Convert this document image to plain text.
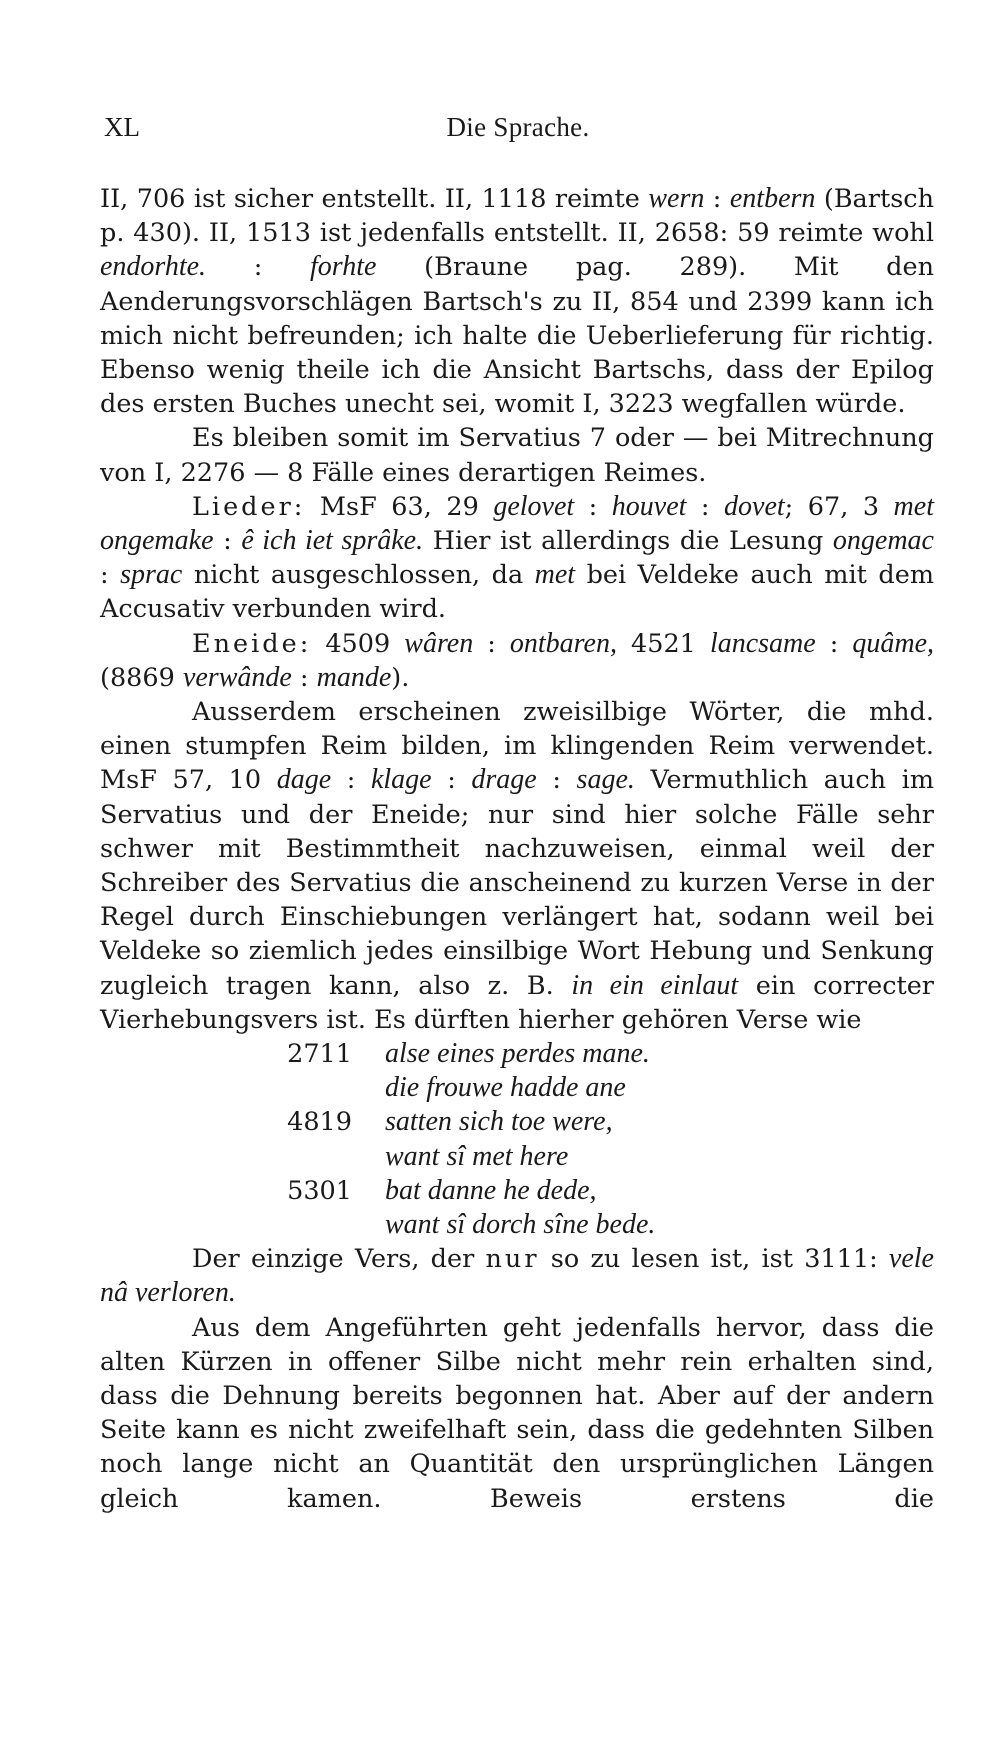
XL	Die Sprache.

II, 706 ist sicher entstellt. II, 1118 reimte wern : entbern (Bartsch p. 430). II, 1513 ist jedenfalls entstellt. II, 2658: 59 reimte wohl endorhte. : forhte (Braune pag. 289). Mit den Aenderungsvorschlägen Bartsch's zu II, 854 und 2399 kann ich mich nicht befreunden; ich halte die Ueberlieferung für richtig. Ebenso wenig theile ich die Ansicht Bartschs, dass der Epilog des ersten Buches unecht sei, womit I, 3223 wegfallen würde.

Es bleiben somit im Servatius 7 oder — bei Mitrechnung von I, 2276 — 8 Fälle eines derartigen Reimes.

Lieder: MsF 63, 29 gelovet : houvet : dovet; 67, 3 met ongemake : ê ich iet sprâke. Hier ist allerdings die Lesung ongemac : sprac nicht ausgeschlossen, da met bei Veldeke auch mit dem Accusativ verbunden wird.

Eneide: 4509 wâren : ontbaren, 4521 lancsame : quâme, (8869 verwânde : mande).

Ausserdem erscheinen zweisilbige Wörter, die mhd. einen stumpfen Reim bilden, im klingenden Reim verwendet. MsF 57, 10 dage : klage : drage : sage. Vermuthlich auch im Servatius und der Eneide; nur sind hier solche Fälle sehr schwer mit Bestimmtheit nachzuweisen, einmal weil der Schreiber des Servatius die anscheinend zu kurzen Verse in der Regel durch Einschiebungen verlängert hat, sodann weil bei Veldeke so ziemlich jedes einsilbige Wort Hebung und Senkung zugleich tragen kann, also z. B. in ein einlaut ein correcter Vierhebungsvers ist. Es dürften hierher gehören Verse wie

2711 alse eines perdes mane.
die frouwe hadde ane
4819 satten sich toe were,
want sî met here
5301 bat danne he dede,
want sî dorch sîne bede.

Der einzige Vers, der nur so zu lesen ist, ist 3111: vele nâ verloren.

Aus dem Angeführten geht jedenfalls hervor, dass die alten Kürzen in offener Silbe nicht mehr rein erhalten sind, dass die Dehnung bereits begonnen hat. Aber auf der andern Seite kann es nicht zweifelhaft sein, dass die gedehnten Silben noch lange nicht an Quantität den ursprünglichen Längen gleich kamen. Beweis erstens die
